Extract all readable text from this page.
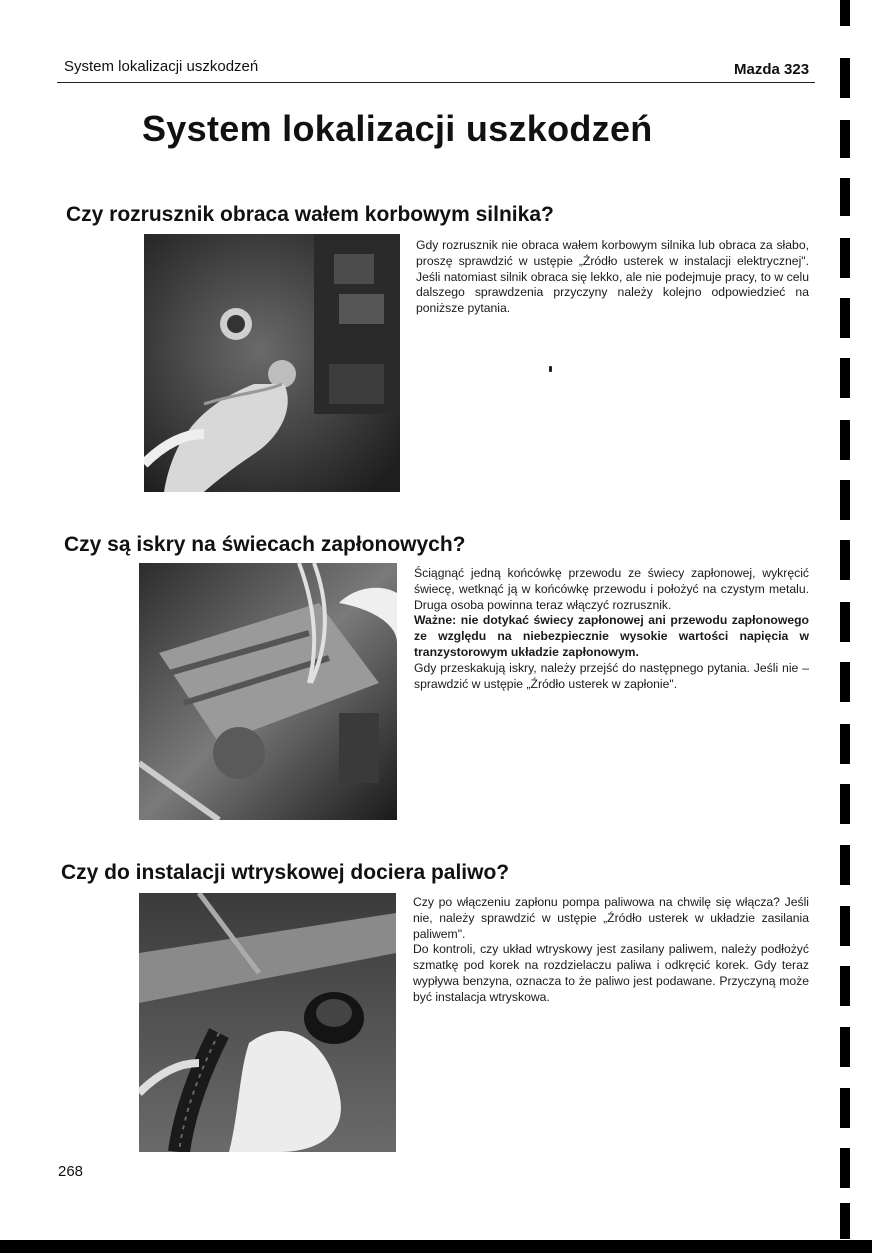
System lokalizacji uszkodzeń	Mazda 323
System lokalizacji uszkodzeń
Czy rozrusznik obraca wałem korbowym silnika?

Gdy rozrusznik nie obraca wałem korbowym silnika lub obraca za słabo, proszę sprawdzić w ustępie „Źródło usterek w instalacji elektrycznej". Jeśli natomiast silnik obraca się lekko, ale nie podejmuje pracy, to w celu dalszego sprawdzenia przyczyny należy kolejno odpowiedzieć na poniższe pytania.

Czy są iskry na świecach zapłonowych?

Ściągnąć jedną końcówkę przewodu ze świecy zapłonowej, wykręcić świecę, wetknąć ją w końcówkę przewodu i położyć na czystym metalu. Druga osoba powinna teraz włączyć rozrusznik.

Ważne: nie dotykać świecy zapłonowej ani przewodu zapłonowego ze względu na niebezpiecznie wysokie wartości napięcia w tranzystorowym układzie zapłonowym.

Gdy przeskakują iskry, należy przejść do następnego pytania. Jeśli nie – sprawdzić w ustępie „Źródło usterek w zapłonie".

Czy do instalacji wtryskowej dociera paliwo?

Czy po włączeniu zapłonu pompa paliwowa na chwilę się włącza? Jeśli nie, należy sprawdzić w ustępie „Źródło usterek w układzie zasilania paliwem".

Do kontroli, czy układ wtryskowy jest zasilany paliwem, należy podłożyć szmatkę pod korek na rozdzielaczu paliwa i odkręcić korek. Gdy teraz wypływa benzyna, oznacza to że paliwo jest podawane. Przyczyną może być instalacja wtryskowa.

268
